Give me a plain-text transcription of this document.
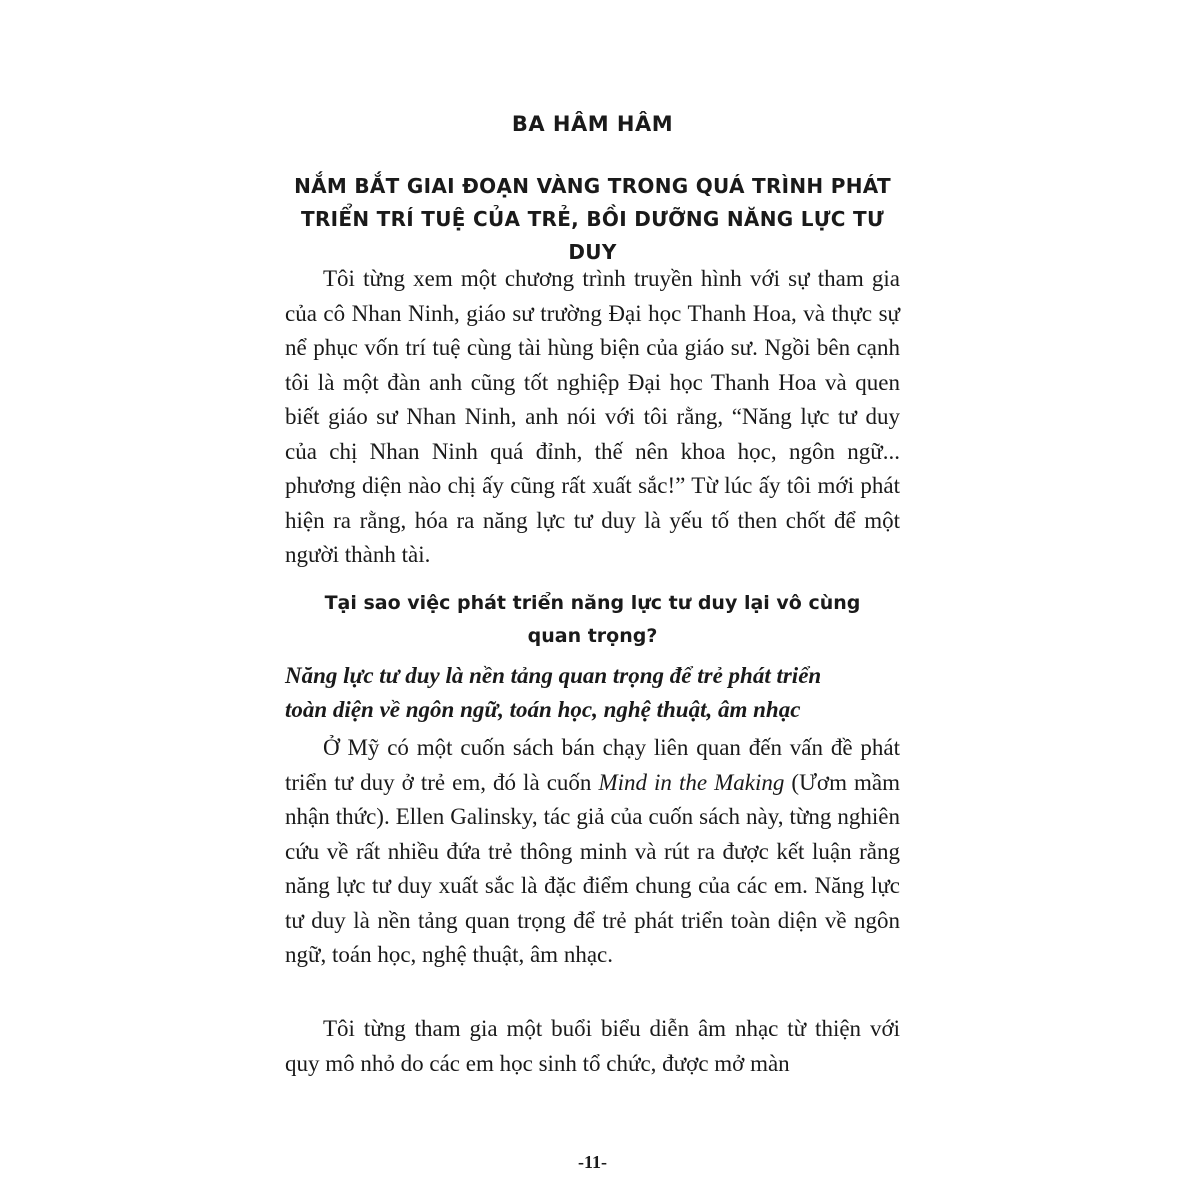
BA HÂM HÂM
NẮM BẮT GIAI ĐOẠN VÀNG TRONG QUÁ TRÌNH PHÁT
TRIỂN TRÍ TUỆ CỦA TRẺ, BỒI DƯỠNG NĂNG LỰC TƯ DUY

Tôi từng xem một chương trình truyền hình với sự tham gia của cô Nhan Ninh, giáo sư trường Đại học Thanh Hoa, và thực sự nể phục vốn trí tuệ cùng tài hùng biện của giáo sư. Ngồi bên cạnh tôi là một đàn anh cũng tốt nghiệp Đại học Thanh Hoa và quen biết giáo sư Nhan Ninh, anh nói với tôi rằng, “Năng lực tư duy của chị Nhan Ninh quá đỉnh, thế nên khoa học, ngôn ngữ... phương diện nào chị ấy cũng rất xuất sắc!” Từ lúc ấy tôi mới phát hiện ra rằng, hóa ra năng lực tư duy là yếu tố then chốt để một người thành tài.

Tại sao việc phát triển năng lực tư duy lại vô cùng
quan trọng?

Năng lực tư duy là nền tảng quan trọng để trẻ phát triển
toàn diện về ngôn ngữ, toán học, nghệ thuật, âm nhạc

Ở Mỹ có một cuốn sách bán chạy liên quan đến vấn đề phát triển tư duy ở trẻ em, đó là cuốn Mind in the Making (Ươm mầm nhận thức). Ellen Galinsky, tác giả của cuốn sách này, từng nghiên cứu về rất nhiều đứa trẻ thông minh và rút ra được kết luận rằng năng lực tư duy xuất sắc là đặc điểm chung của các em. Năng lực tư duy là nền tảng quan trọng để trẻ phát triển toàn diện về ngôn ngữ, toán học, nghệ thuật, âm nhạc.

Tôi từng tham gia một buổi biểu diễn âm nhạc từ thiện với quy mô nhỏ do các em học sinh tổ chức, được mở màn

-11-
